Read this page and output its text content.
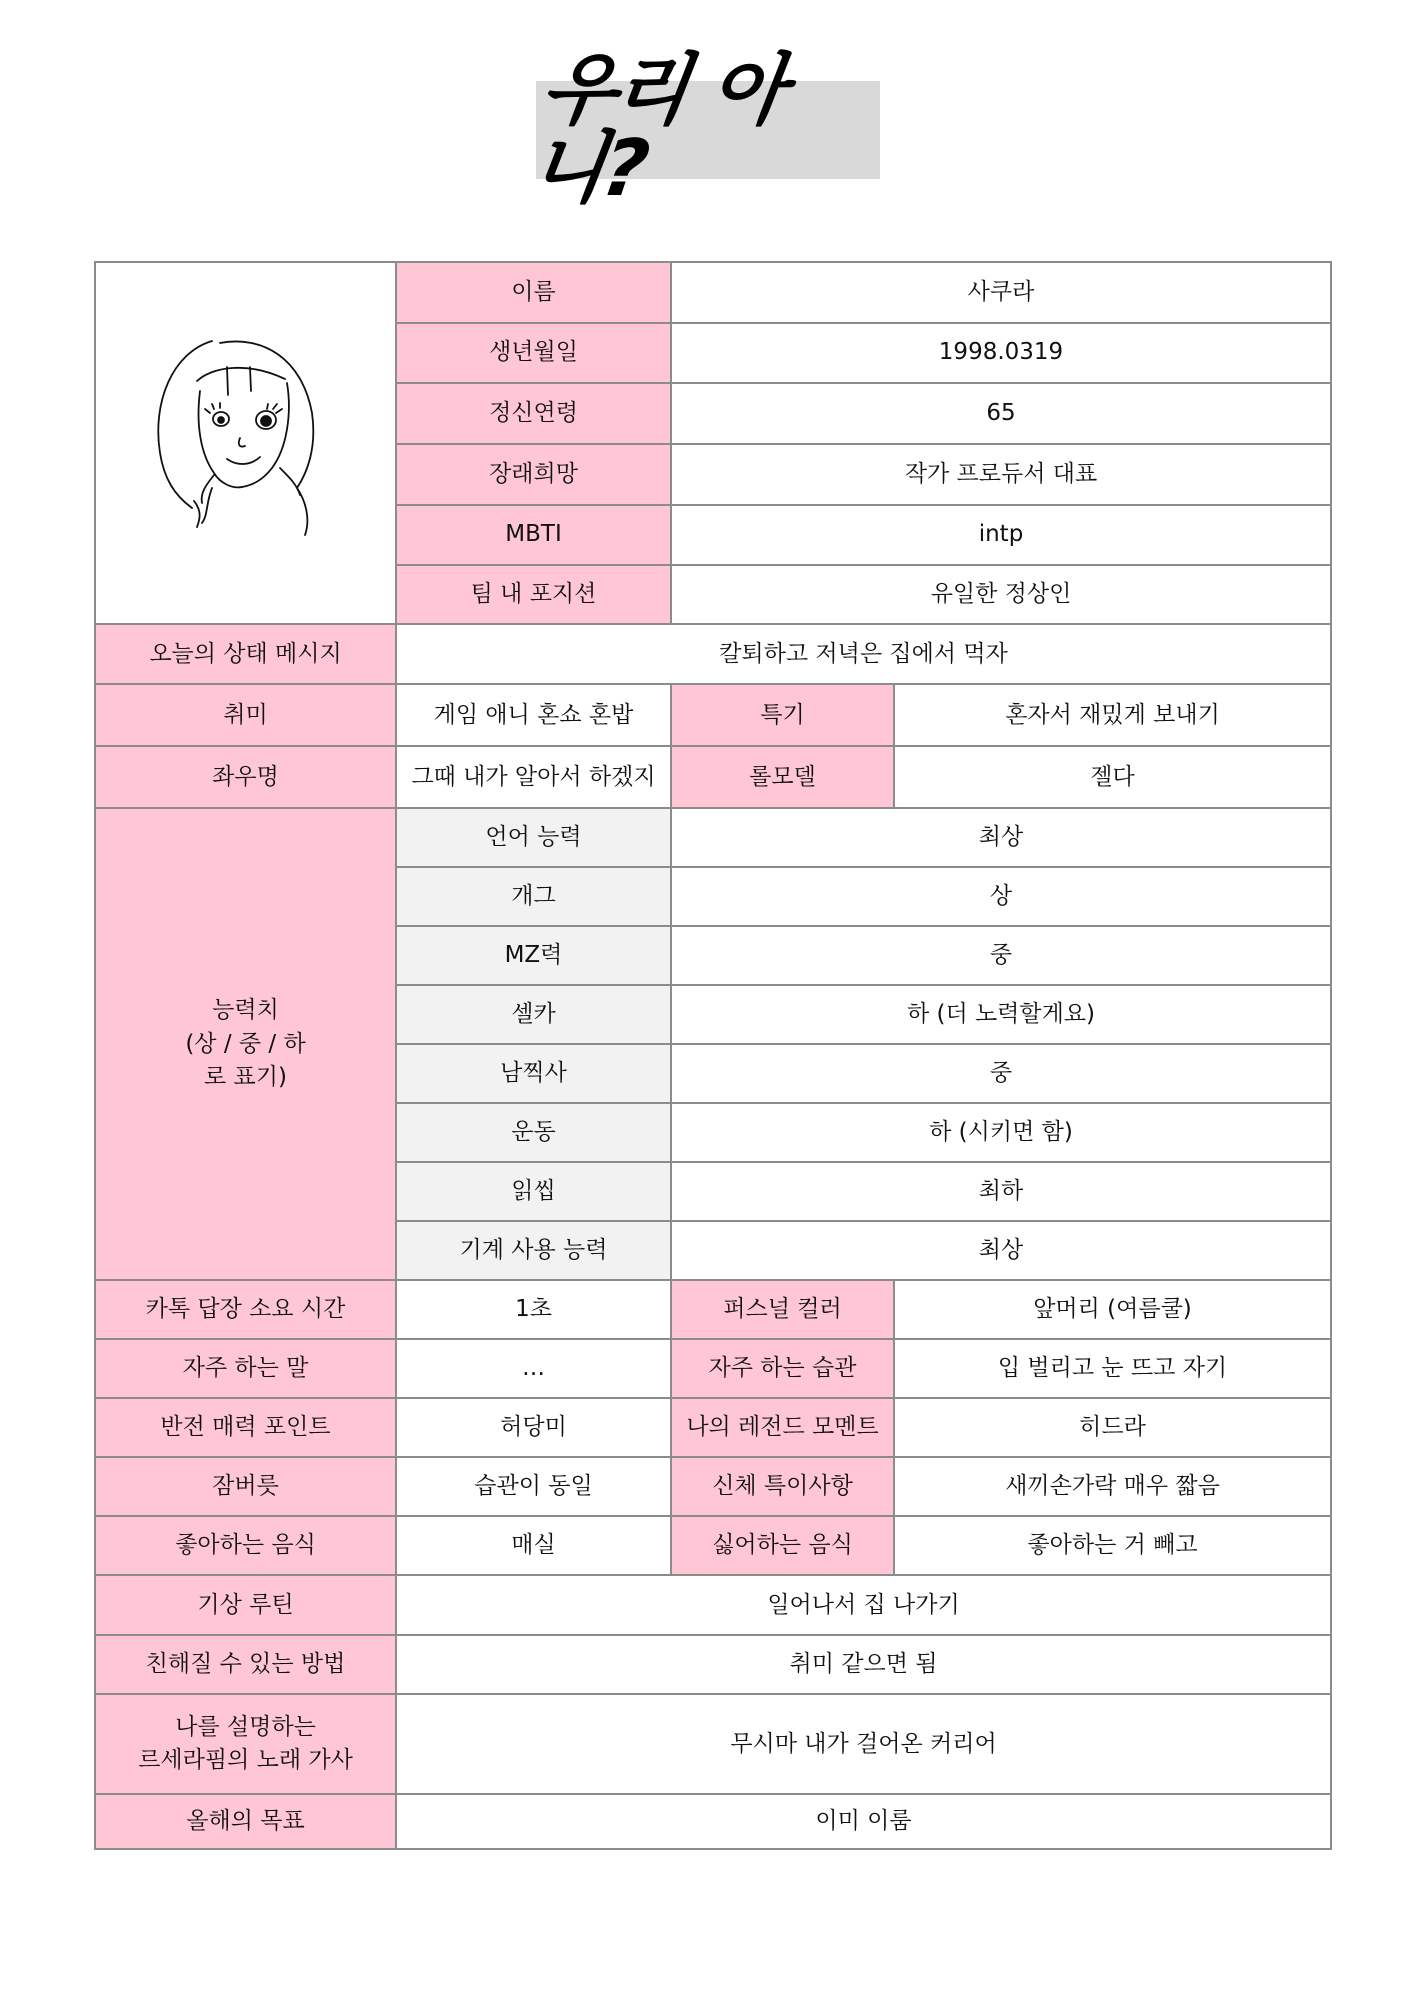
우리 아니?
	이름	사쿠라	
	생년월일	1998.0319	
	정신연령	65	
	장래희망	작가 프로듀서 대표	
	MBTI	intp	
	팀 내 포지션	유일한 정상인	
오늘의 상태 메시지	칼퇴하고 저녁은 집에서 먹자		
취미	게임 애니 혼쇼 혼밥	특기	혼자서 재밌게 보내기
좌우명	그때 내가 알아서 하겠지	롤모델	젤다
능력치
(상 / 중 / 하
로 표기)	언어 능력	최상	
	개그	상	
	MZ력	중	
	셀카	하 (더 노력할게요)	
	남찍사	중	
	운동	하 (시키면 함)	
	읽씹	최하	
	기계 사용 능력	최상	
카톡 답장 소요 시간	1초	퍼스널 컬러	앞머리 (여름쿨)
자주 하는 말	…	자주 하는 습관	입 벌리고 눈 뜨고 자기
반전 매력 포인트	허당미	나의 레전드 모멘트	히드라
잠버릇	습관이 동일	신체 특이사항	새끼손가락 매우 짧음
좋아하는 음식	매실	싫어하는 음식	좋아하는 거 빼고
기상 루틴	일어나서 집 나가기		
친해질 수 있는 방법	취미 같으면 됨		
나를 설명하는
르세라핌의 노래 가사	무시마 내가 걸어온 커리어		
올해의 목표	이미 이룸		
